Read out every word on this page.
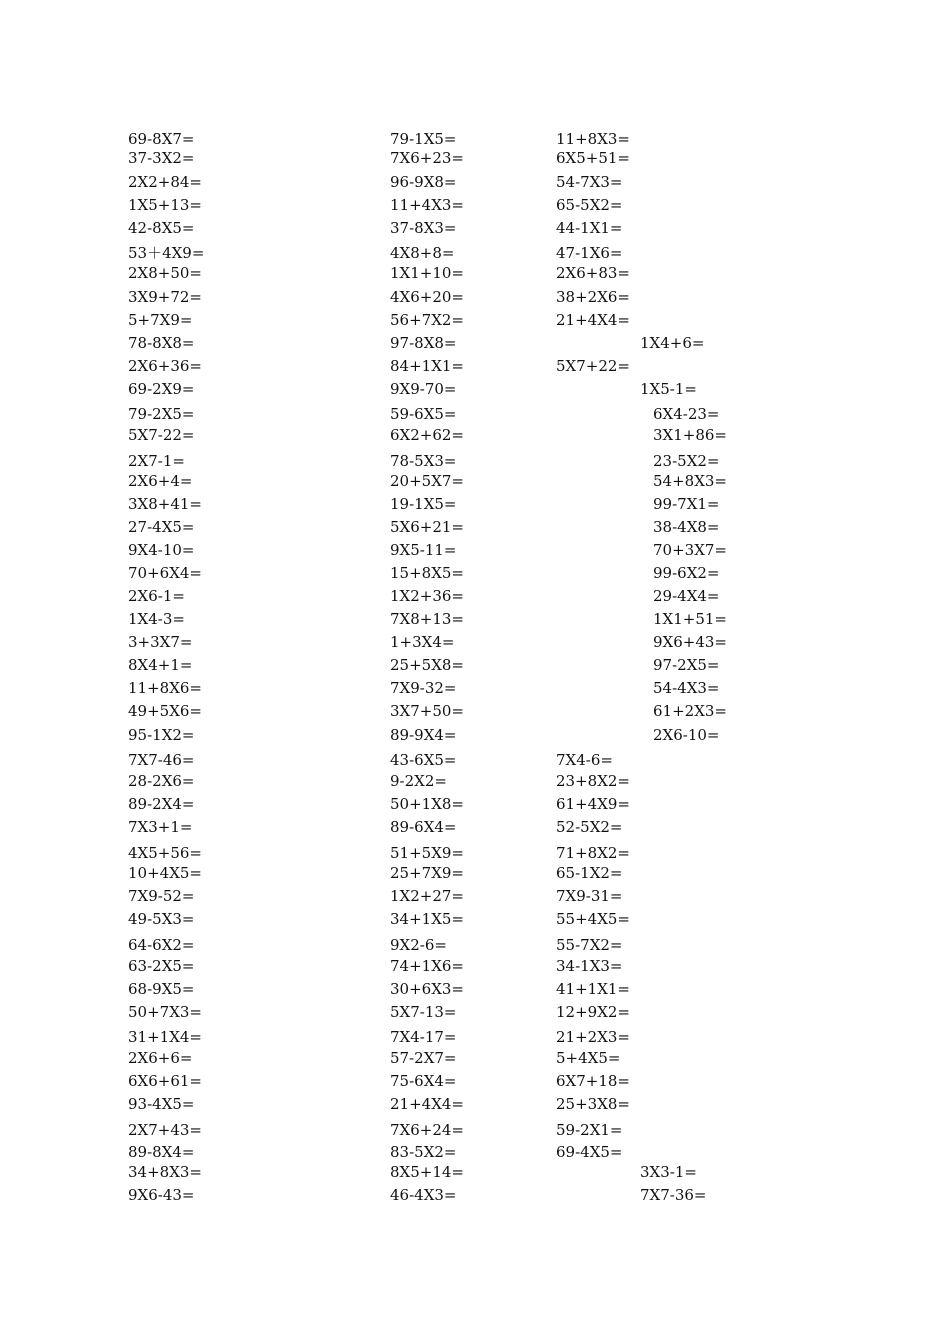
69-8X7=	79-1X5=	11+8X3=
37-3X2=	7X6+23=	6X5+51=
2X2+84=	96-9X8=	54-7X3=
1X5+13=	11+4X3=	65-5X2=
42-8X5=	37-8X3=	44-1X1=
53＋4X9=	4X8+8=	47-1X6=
2X8+50=	1X1+10=	2X6+83=
3X9+72=	4X6+20=	38+2X6=
5+7X9=	56+7X2=	21+4X4=
78-8X8=	97-8X8=	1X4+6=
2X6+36=	84+1X1=	5X7+22=
69-2X9=	9X9-70=	1X5-1=
79-2X5=	59-6X5=	6X4-23=
5X7-22=	6X2+62=	3X1+86=
2X7-1=	78-5X3=	23-5X2=
2X6+4=	20+5X7=	54+8X3=
3X8+41=	19-1X5=	99-7X1=
27-4X5=	5X6+21=	38-4X8=
9X4-10=	9X5-11=	70+3X7=
70+6X4=	15+8X5=	99-6X2=
2X6-1=	1X2+36=	29-4X4=
1X4-3=	7X8+13=	1X1+51=
3+3X7=	1+3X4=	9X6+43=
8X4+1=	25+5X8=	97-2X5=
11+8X6=	7X9-32=	54-4X3=
49+5X6=	3X7+50=	61+2X3=
95-1X2=	89-9X4=	2X6-10=
7X7-46=	43-6X5=	7X4-6=
28-2X6=	9-2X2=	23+8X2=
89-2X4=	50+1X8=	61+4X9=
7X3+1=	89-6X4=	52-5X2=
4X5+56=	51+5X9=	71+8X2=
10+4X5=	25+7X9=	65-1X2=
7X9-52=	1X2+27=	7X9-31=
49-5X3=	34+1X5=	55+4X5=
64-6X2=	9X2-6=	55-7X2=
63-2X5=	74+1X6=	34-1X3=
68-9X5=	30+6X3=	41+1X1=
50+7X3=	5X7-13=	12+9X2=
31+1X4=	7X4-17=	21+2X3=
2X6+6=	57-2X7=	5+4X5=
6X6+61=	75-6X4=	6X7+18=
93-4X5=	21+4X4=	25+3X8=
2X7+43=	7X6+24=	59-2X1=
89-8X4=	83-5X2=	69-4X5=
34+8X3=	8X5+14=	3X3-1=
9X6-43=	46-4X3=	7X7-36=
